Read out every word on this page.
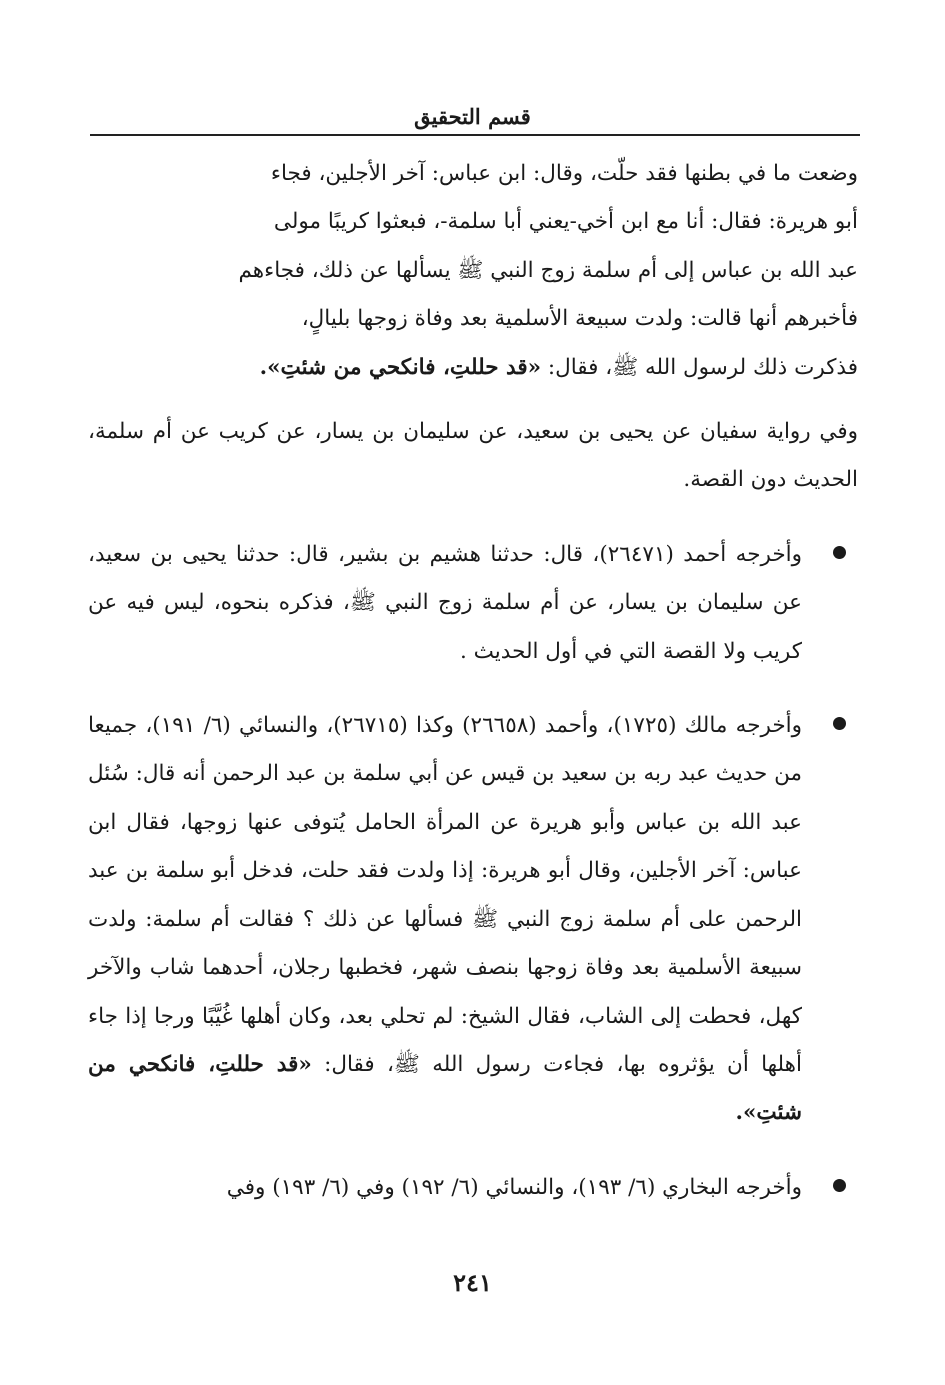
قسم التحقيق
وضعت ما في بطنها فقد حلّت، وقال: ابن عباس: آخر الأجلين، فجاء
أبو هريرة: فقال: أنا مع ابن أخي-يعني أبا سلمة-، فبعثوا كريبًا مولى
عبد الله بن عباس إلى أم سلمة زوج النبي ﷺ يسألها عن ذلك، فجاءهم
فأخبرهم أنها قالت: ولدت سبيعة الأسلمية بعد وفاة زوجها بليالٍ،
فذكرت ذلك لرسول الله ﷺ، فقال: «قد حللتِ، فانكحي من شئتِ».

وفي رواية سفيان عن يحيى بن سعيد، عن سليمان بن يسار، عن كريب عن أم سلمة، الحديث دون القصة.

وأخرجه أحمد (٢٦٤٧١)، قال: حدثنا هشيم بن بشير، قال: حدثنا يحيى بن سعيد، عن سليمان بن يسار، عن أم سلمة زوج النبي ﷺ، فذكره بنحوه، ليس فيه عن كريب ولا القصة التي في أول الحديث .

وأخرجه مالك (١٧٢٥)، وأحمد (٢٦٦٥٨) وكذا (٢٦٧١٥)، والنسائي (٦/ ١٩١)، جميعا من حديث عبد ربه بن سعيد بن قيس عن أبي سلمة بن عبد الرحمن أنه قال: سُئل عبد الله بن عباس وأبو هريرة عن المرأة الحامل يُتوفى عنها زوجها، فقال ابن عباس: آخر الأجلين، وقال أبو هريرة: إذا ولدت فقد حلت، فدخل أبو سلمة بن عبد الرحمن على أم سلمة زوج النبي ﷺ فسألها عن ذلك ؟ فقالت أم سلمة: ولدت سبيعة الأسلمية بعد وفاة زوجها بنصف شهر، فخطبها رجلان، أحدهما شاب والآخر كهل، فحطت إلى الشاب، فقال الشيخ: لم تحلي بعد، وكان أهلها غُيَّبًا ورجا إذا جاء أهلها أن يؤثروه بها، فجاءت رسول الله ﷺ، فقال: «قد حللتِ، فانكحي من شئتِ».

وأخرجه البخاري (٦/ ١٩٣)، والنسائي (٦/ ١٩٢) وفي (٦/ ١٩٣) وفي

٢٤١
